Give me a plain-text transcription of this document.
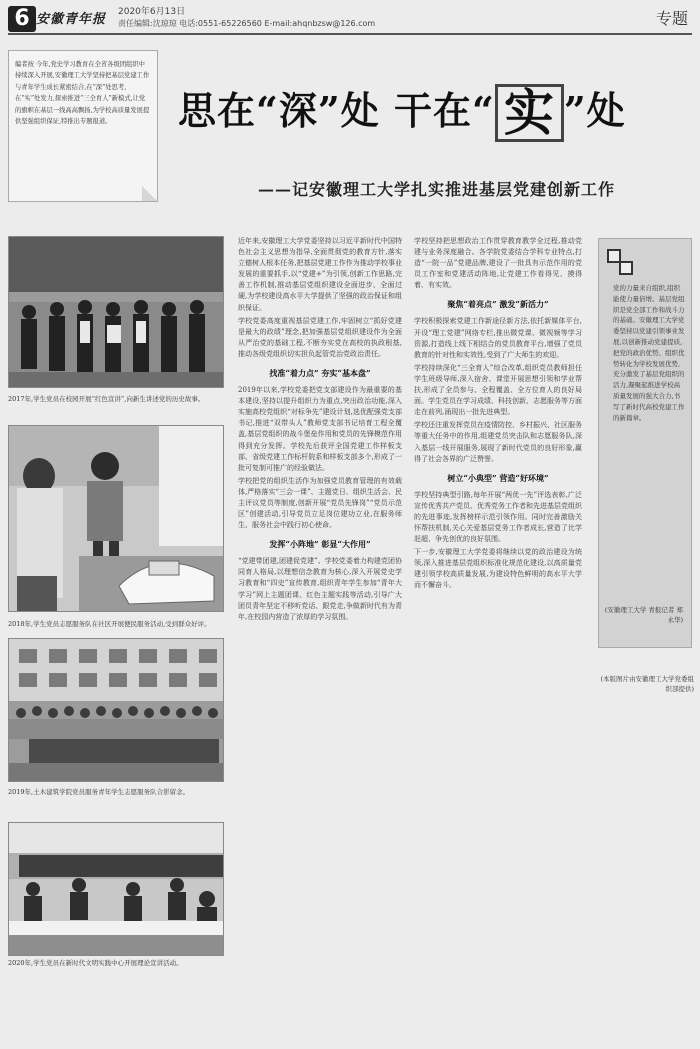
6 安徽青年报 2020年6月13日
责任编辑:沈琼琼 电话:0551-65226560 E-mail:ahqnbzsw@126.com	专题
编者按 今年,党史学习教育在全省各级团组织中持续深入开展,安徽理工大学坚持把基层党建工作与青年学生成长紧密结合,在“深”处思考,在“实”处发力,探索推进“三全育人”新模式,让党的旗帜在基层一线高高飘扬,为学校高质量发展提供坚强组织保证,特推出专题报道。	思在“深”处 干在“ 实 ”处
——记安徽理工大学扎实推进基层党建创新工作
2017年,学生党员在校园开展“红色宣讲”,向新生讲述党的历史故事。
2018年,学生党员志愿服务队在社区开展便民服务活动,受到群众好评。
2019年,土木建筑学院党员服务青年学生志愿服务队合影留念。
2020年,学生党员在新时代文明实践中心开展理论宣讲活动。
近年来,安徽理工大学党委坚持以习近平新时代中国特色社会主义思想为指导,全面贯彻党的教育方针,落实立德树人根本任务,把基层党建工作作为推动学校事业发展的重要抓手,以“党建+”为引领,创新工作思路,完善工作机制,推动基层党组织建设全面进步、全面过硬,为学校建设高水平大学提供了坚强的政治保证和组织保证。
学校党委高度重视基层党建工作,牢固树立“抓好党建是最大的政绩”理念,把加强基层党组织建设作为全面从严治党的基础工程,不断夯实党在高校的执政根基,推动各级党组织切实担负起管党治党政治责任。
找准“着力点” 夯实“基本盘”
2019年以来,学校党委把党支部建设作为最重要的基本建设,坚持以提升组织力为重点,突出政治功能,深入实施高校党组织“对标争先”建设计划,选优配强党支部书记,推进“双带头人”教师党支部书记培育工程全覆盖,基层党组织的战斗堡垒作用和党员的先锋模范作用得到充分发挥。学校先后获评全国党建工作样板支部、省级党建工作标杆院系和样板支部多个,形成了一批可复制可推广的经验做法。
学校把党的组织生活作为加强党员教育管理的有效载体,严格落实“三会一课”、主题党日、组织生活会、民主评议党员等制度,创新开展“党员先锋岗”“党员示范区”创建活动,引导党员立足岗位建功立业,在服务师生、服务社会中践行初心使命。
发挥“小阵地” 彰显“大作用”
“党建带团建,团建促党建”。学校党委着力构建党团协同育人格局,以理想信念教育为核心,深入开展党史学习教育和“四史”宣传教育,组织青年学生参加“青年大学习”网上主题团课、红色主题实践等活动,引导广大团员青年坚定不移听党话、跟党走,争做新时代有为青年,在校园内营造了浓厚的学习氛围。
学校坚持把思想政治工作贯穿教育教学全过程,推动党建与业务深度融合。各学院党委结合学科专业特点,打造“一院一品”党建品牌,建设了一批具有示范作用的党员工作室和党建活动阵地,让党建工作看得见、摸得着、有实效。
聚焦“着亮点” 激发“新活力”
学校积极探索党建工作新途径新方法,依托新媒体平台,开设“理工党建”网络专栏,推出微党课、微视频等学习资源,打造线上线下相结合的党员教育平台,增强了党员教育的针对性和实效性,受到了广大师生的欢迎。
学校持续深化“三全育人”综合改革,组织党员教师担任学生班级导师,深入宿舍、课堂开展思想引领和学业帮扶,形成了全员参与、全程覆盖、全方位育人的良好局面。学生党员在学习成绩、科技创新、志愿服务等方面走在前列,涌现出一批先进典型。
学校还注重发挥党员在疫情防控、乡村振兴、社区服务等重大任务中的作用,组建党员突击队和志愿服务队,深入基层一线开展服务,展现了新时代党员的良好形象,赢得了社会各界的广泛赞誉。
树立“小典型” 营造“好环境”
学校坚持典型引路,每年开展“两优一先”评选表彰,广泛宣传优秀共产党员、优秀党务工作者和先进基层党组织的先进事迹,发挥榜样示范引领作用。同时完善激励关怀帮扶机制,关心关爱基层党务工作者成长,营造了比学赶超、争先创优的良好氛围。
下一步,安徽理工大学党委将继续以党的政治建设为统领,深入推进基层党组织标准化规范化建设,以高质量党建引领学校高质量发展,为建设特色鲜明的高水平大学而不懈奋斗。
党的力量来自组织,组织能使力量倍增。基层党组织是党全部工作和战斗力的基础。安徽理工大学党委坚持以党建引领事业发展,以创新推动党建提质,把党的政治优势、组织优势转化为学校发展优势,充分激发了基层党组织的活力,凝聚起推进学校高质量发展的强大合力,书写了新时代高校党建工作的新篇章。
(安徽理工大学 青报记者 郑永华)
(本版图片由安徽理工大学党委组织部提供)
